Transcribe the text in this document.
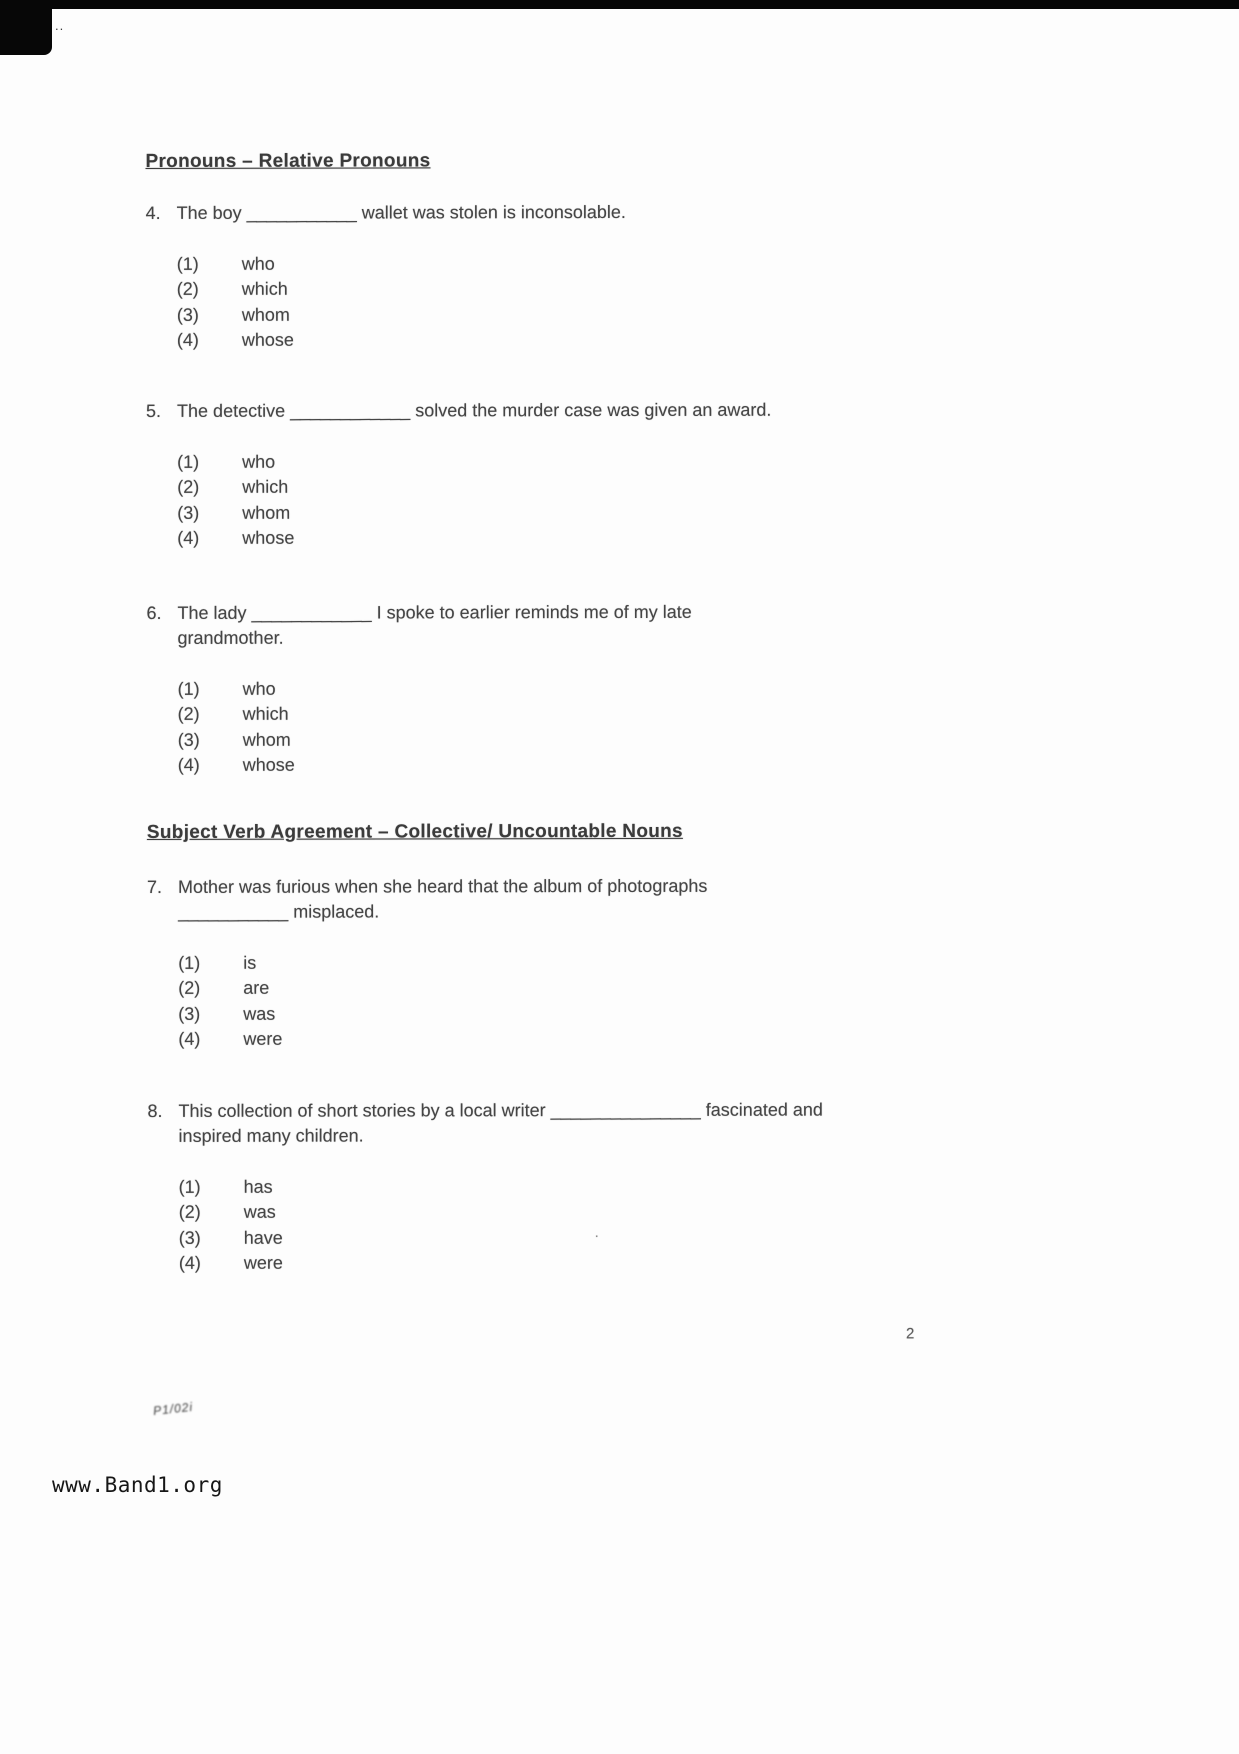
..
Pronouns – Relative Pronouns
4. The boy ___________ wallet was stolen is inconsolable.
(1)	who
(2)	which
(3)	whom
(4)	whose
5. The detective ____________ solved the murder case was given an award.
(1)	who
(2)	which
(3)	whom
(4)	whose
6. The lady ____________ I spoke to earlier reminds me of my late
grandmother.
(1)	who
(2)	which
(3)	whom
(4)	whose
Subject Verb Agreement – Collective/ Uncountable Nouns
7. Mother was furious when she heard that the album of photographs
___________ misplaced.
(1)	is
(2)	are
(3)	was
(4)	were
8. This collection of short stories by a local writer _______________ fascinated and
inspired many children.
(1)	has
(2)	was
(3)	have
(4)	were
.
2
P1/02i
www.Band1.org
